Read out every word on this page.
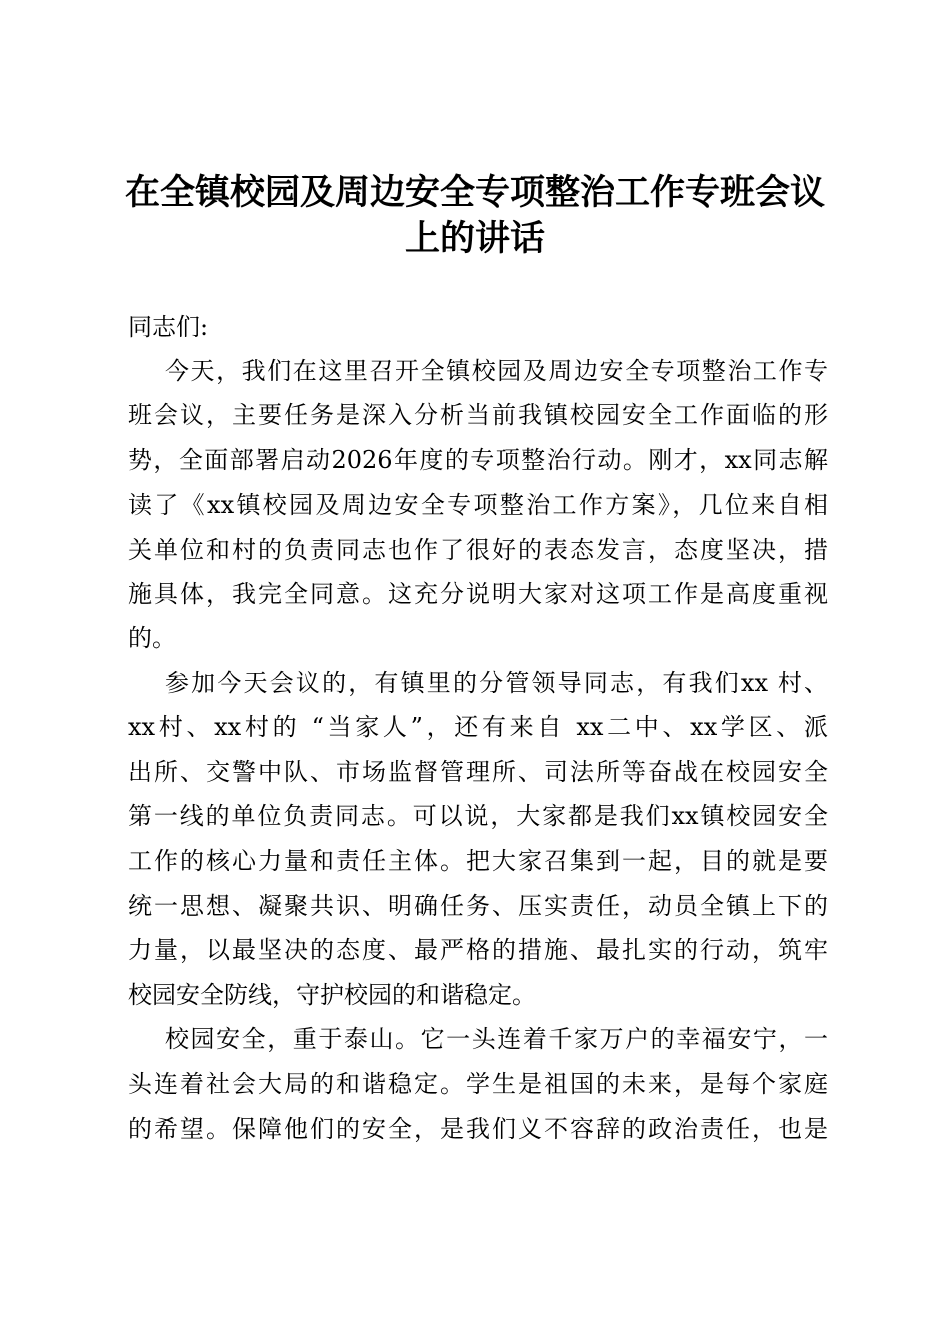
在全镇校园及周边安全专项整治工作专班会议
上的讲话
同志们:
今天，我们在这里召开全镇校园及周边安全专项整治工作专
班会议，主要任务是深入分析当前我镇校园安全工作面临的形
势，全面部署启动2026年度的专项整治行动。刚才，xx同志解
读了《xx镇校园及周边安全专项整治工作方案》，几位来自相
关单位和村的负责同志也作了很好的表态发言，态度坚决，措
施具体，我完全同意。这充分说明大家对这项工作是高度重视
的。
参加今天会议的，有镇里的分管领导同志，有我们xx 村、
xx村、xx村的 “当家人”，还有来自 xx二中、xx学区、派
出所、交警中队、市场监督管理所、司法所等奋战在校园安全
第一线的单位负责同志。可以说，大家都是我们xx镇校园安全
工作的核心力量和责任主体。把大家召集到一起，目的就是要
统一思想、凝聚共识、明确任务、压实责任，动员全镇上下的
力量，以最坚决的态度、最严格的措施、最扎实的行动，筑牢
校园安全防线，守护校园的和谐稳定。
校园安全，重于泰山。它一头连着千家万户的幸福安宁，一
头连着社会大局的和谐稳定。学生是祖国的未来，是每个家庭
的希望。保障他们的安全，是我们义不容辞的政治责任，也是
